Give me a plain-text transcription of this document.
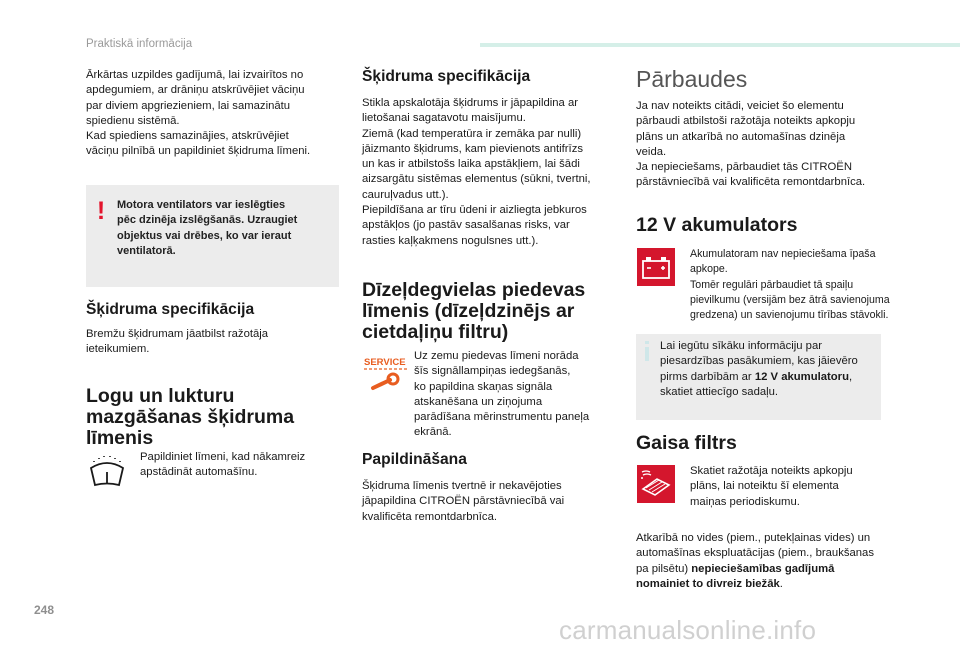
Praktiskā informācija

Ārkārtas uzpildes gadījumā, lai izvairītos no

apdegumiem, ar drāniņu atskrūvējiet vāciņu

par diviem apgriezieniem, lai samazinātu

spiedienu sistēmā.

Kad spiediens samazinājies, atskrūvējiet

vāciņu pilnībā un papildiniet šķidruma līmeni.

!	Motora ventilators var ieslēgties
pēc dzinēja izslēgšanās. Uzraugiet
objektus vai drēbes, ko var ieraut
ventilatorā.
Šķidruma specifikācija

Bremžu šķidrumam jāatbilst ražotāja

ieteikumiem.

Logu un lukturu
mazgāšanas šķidruma
līmenis

Papildiniet līmeni, kad nākamreiz

apstādināt automašīnu.

Šķidruma specifikācija

Stikla apskalotāja šķidrums ir jāpapildina ar

lietošanai sagatavotu maisījumu.

Ziemā (kad temperatūra ir zemāka par nulli)

jāizmanto šķidrums, kam pievienots antifrīzs

un kas ir atbilstošs laika apstākļiem, lai šādi

aizsargātu sistēmas elementus (sūkni, tvertni,

cauruļvadus utt.).

Piepildīšana ar tīru ūdeni ir aizliegta jebkuros

apstākļos (jo pastāv sasalšanas risks, var

rasties kaļķakmens nogulsnes utt.).

Dīzeļdegvielas piedevas
līmenis (dīzeļdzinējs ar
cietdaļiņu filtru)
SERVICE

Uz zemu piedevas līmeni norāda

šīs signāllampiņas iedegšanās,

ko papildina skaņas signāla

atskanēšana un ziņojuma

parādīšana mērinstrumentu paneļa

ekrānā.

Papildināšana

Šķidruma līmenis tvertnē ir nekavējoties

jāpapildina CITROËN pārstāvniecībā vai

kvalificēta remontdarbnīca.

Pārbaudes

Ja nav noteikts citādi, veiciet šo elementu

pārbaudi atbilstoši ražotāja noteikts apkopju

plāns un atkarībā no automašīnas dzinēja

veida.

Ja nepieciešams, pārbaudiet tās CITROËN

pārstāvniecībā vai kvalificēta remontdarbnīca.

12 V akumulators

Akumulatoram nav nepieciešama īpaša

apkope.

Tomēr regulāri pārbaudiet tā spaiļu

pievilkumu (versijām bez ātrā savienojuma

gredzena) un savienojumu tīrības stāvokli.

Lai iegūtu sīkāku informāciju par
piesardzības pasākumiem, kas jāievēro
pirms darbībām ar 12 V akumulatoru,
skatiet attiecīgo sadaļu.
Gaisa filtrs

Skatiet ražotāja noteikts apkopju

plāns, lai noteiktu šī elementa

maiņas periodiskumu.

Atkarībā no vides (piem., putekļainas vides) un

automašīnas ekspluatācijas (piem., braukšanas

pa pilsētu) nepieciešamības gadījumā

nomainiet to divreiz biežāk.

248
carmanualsonline.info
